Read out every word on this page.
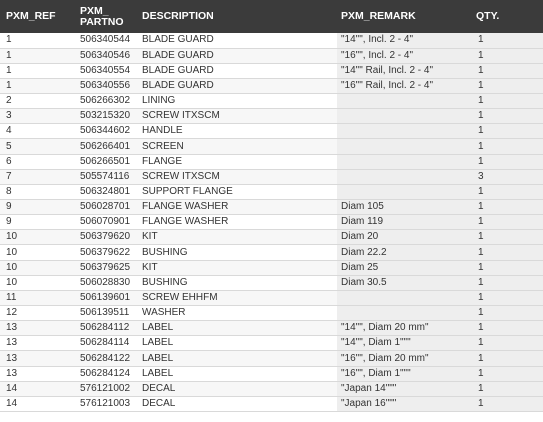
PXM_REF	PXM_ PARTNO	DESCRIPTION	PXM_REMARK	QTY.
1	506340544	BLADE GUARD	"14"", Incl. 2 - 4"	1
1	506340546	BLADE GUARD	"16"", Incl. 2 - 4"	1
1	506340554	BLADE GUARD	"14"" Rail, Incl. 2 - 4"	1
1	506340556	BLADE GUARD	"16"" Rail, Incl. 2 - 4"	1
2	506266302	LINING		1
3	503215320	SCREW ITXSCM		1
4	506344602	HANDLE		1
5	506266401	SCREEN		1
6	506266501	FLANGE		1
7	505574116	SCREW ITXSCM		3
8	506324801	SUPPORT FLANGE		1
9	506028701	FLANGE WASHER	Diam 105	1
9	506070901	FLANGE WASHER	Diam 119	1
10	506379620	KIT	Diam 20	1
10	506379622	BUSHING	Diam 22.2	1
10	506379625	KIT	Diam 25	1
10	506028830	BUSHING	Diam 30.5	1
11	506139601	SCREW EHHFM		1
12	506139511	WASHER		1
13	506284112	LABEL	"14"", Diam 20 mm"	1
13	506284114	LABEL	"14"", Diam 1"""	1
13	506284122	LABEL	"16"", Diam 20 mm"	1
13	506284124	LABEL	"16"", Diam 1"""	1
14	576121002	DECAL	"Japan 14"""	1
14	576121003	DECAL	"Japan 16"""	1
